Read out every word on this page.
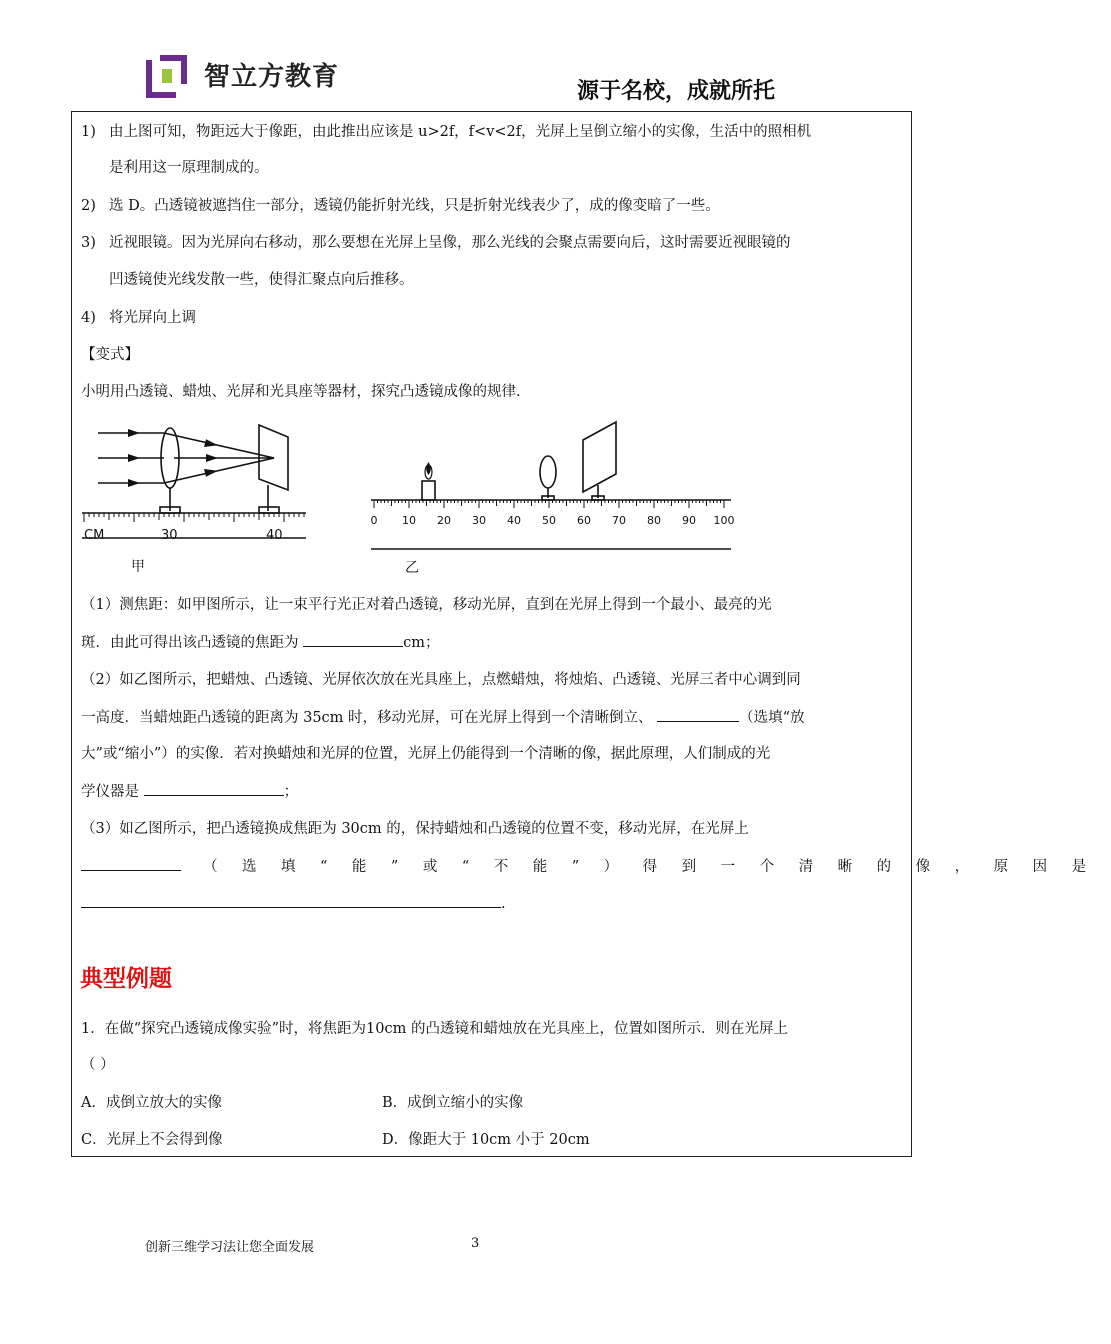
智立方教育	源于名校，成就所托
1) 由上图可知，物距远大于像距，由此推出应该是 u>2f，f<v<2f，光屏上呈倒立缩小的实像，生活中的照相机
是利用这一原理制成的。
2) 选 D。凸透镜被遮挡住一部分，透镜仍能折射光线，只是折射光线表少了，成的像变暗了一些。
3) 近视眼镜。因为光屏向右移动，那么要想在光屏上呈像，那么光线的会聚点需要向后，这时需要近视眼镜的
凹透镜使光线发散一些，使得汇聚点向后推移。
4) 将光屏向上调
【变式】
小明用凸透镜、蜡烛、光屏和光具座等器材，探究凸透镜成像的规律．
CM	30	40
甲
0 10 20 30 40 50 60 70 80 90 100
乙
（1）测焦距：如甲图所示，让一束平行光正对着凸透镜，移动光屏，直到在光屏上得到一个最小、最亮的光
斑．由此可得出该凸透镜的焦距为	cm；
（2）如乙图所示，把蜡烛、凸透镜、光屏依次放在光具座上，点燃蜡烛，将烛焰、凸透镜、光屏三者中心调到同
一高度．当蜡烛距凸透镜的距离为 35cm 时，移动光屏，可在光屏上得到一个清晰倒立、	（选填“放
大”或“缩小”）的实像．若对换蜡烛和光屏的位置，光屏上仍能得到一个清晰的像，据此原理，人们制成的光
学仪器是	；
（3）如乙图所示，把凸透镜换成焦距为 30cm 的，保持蜡烛和凸透镜的位置不变，移动光屏，在光屏上
（选填“能”或“不能”）得到一个清晰的像，原因是
.
典型例题
1．在做“探究凸透镜成像实验”时，将焦距为10cm 的凸透镜和蜡烛放在光具座上，位置如图所示．则在光屏上
（ ）
A．成倒立放大的实像	B．成倒立缩小的实像
C．光屏上不会得到像	D．像距大于 10cm 小于 20cm
创新三维学习法让您全面发展	3
